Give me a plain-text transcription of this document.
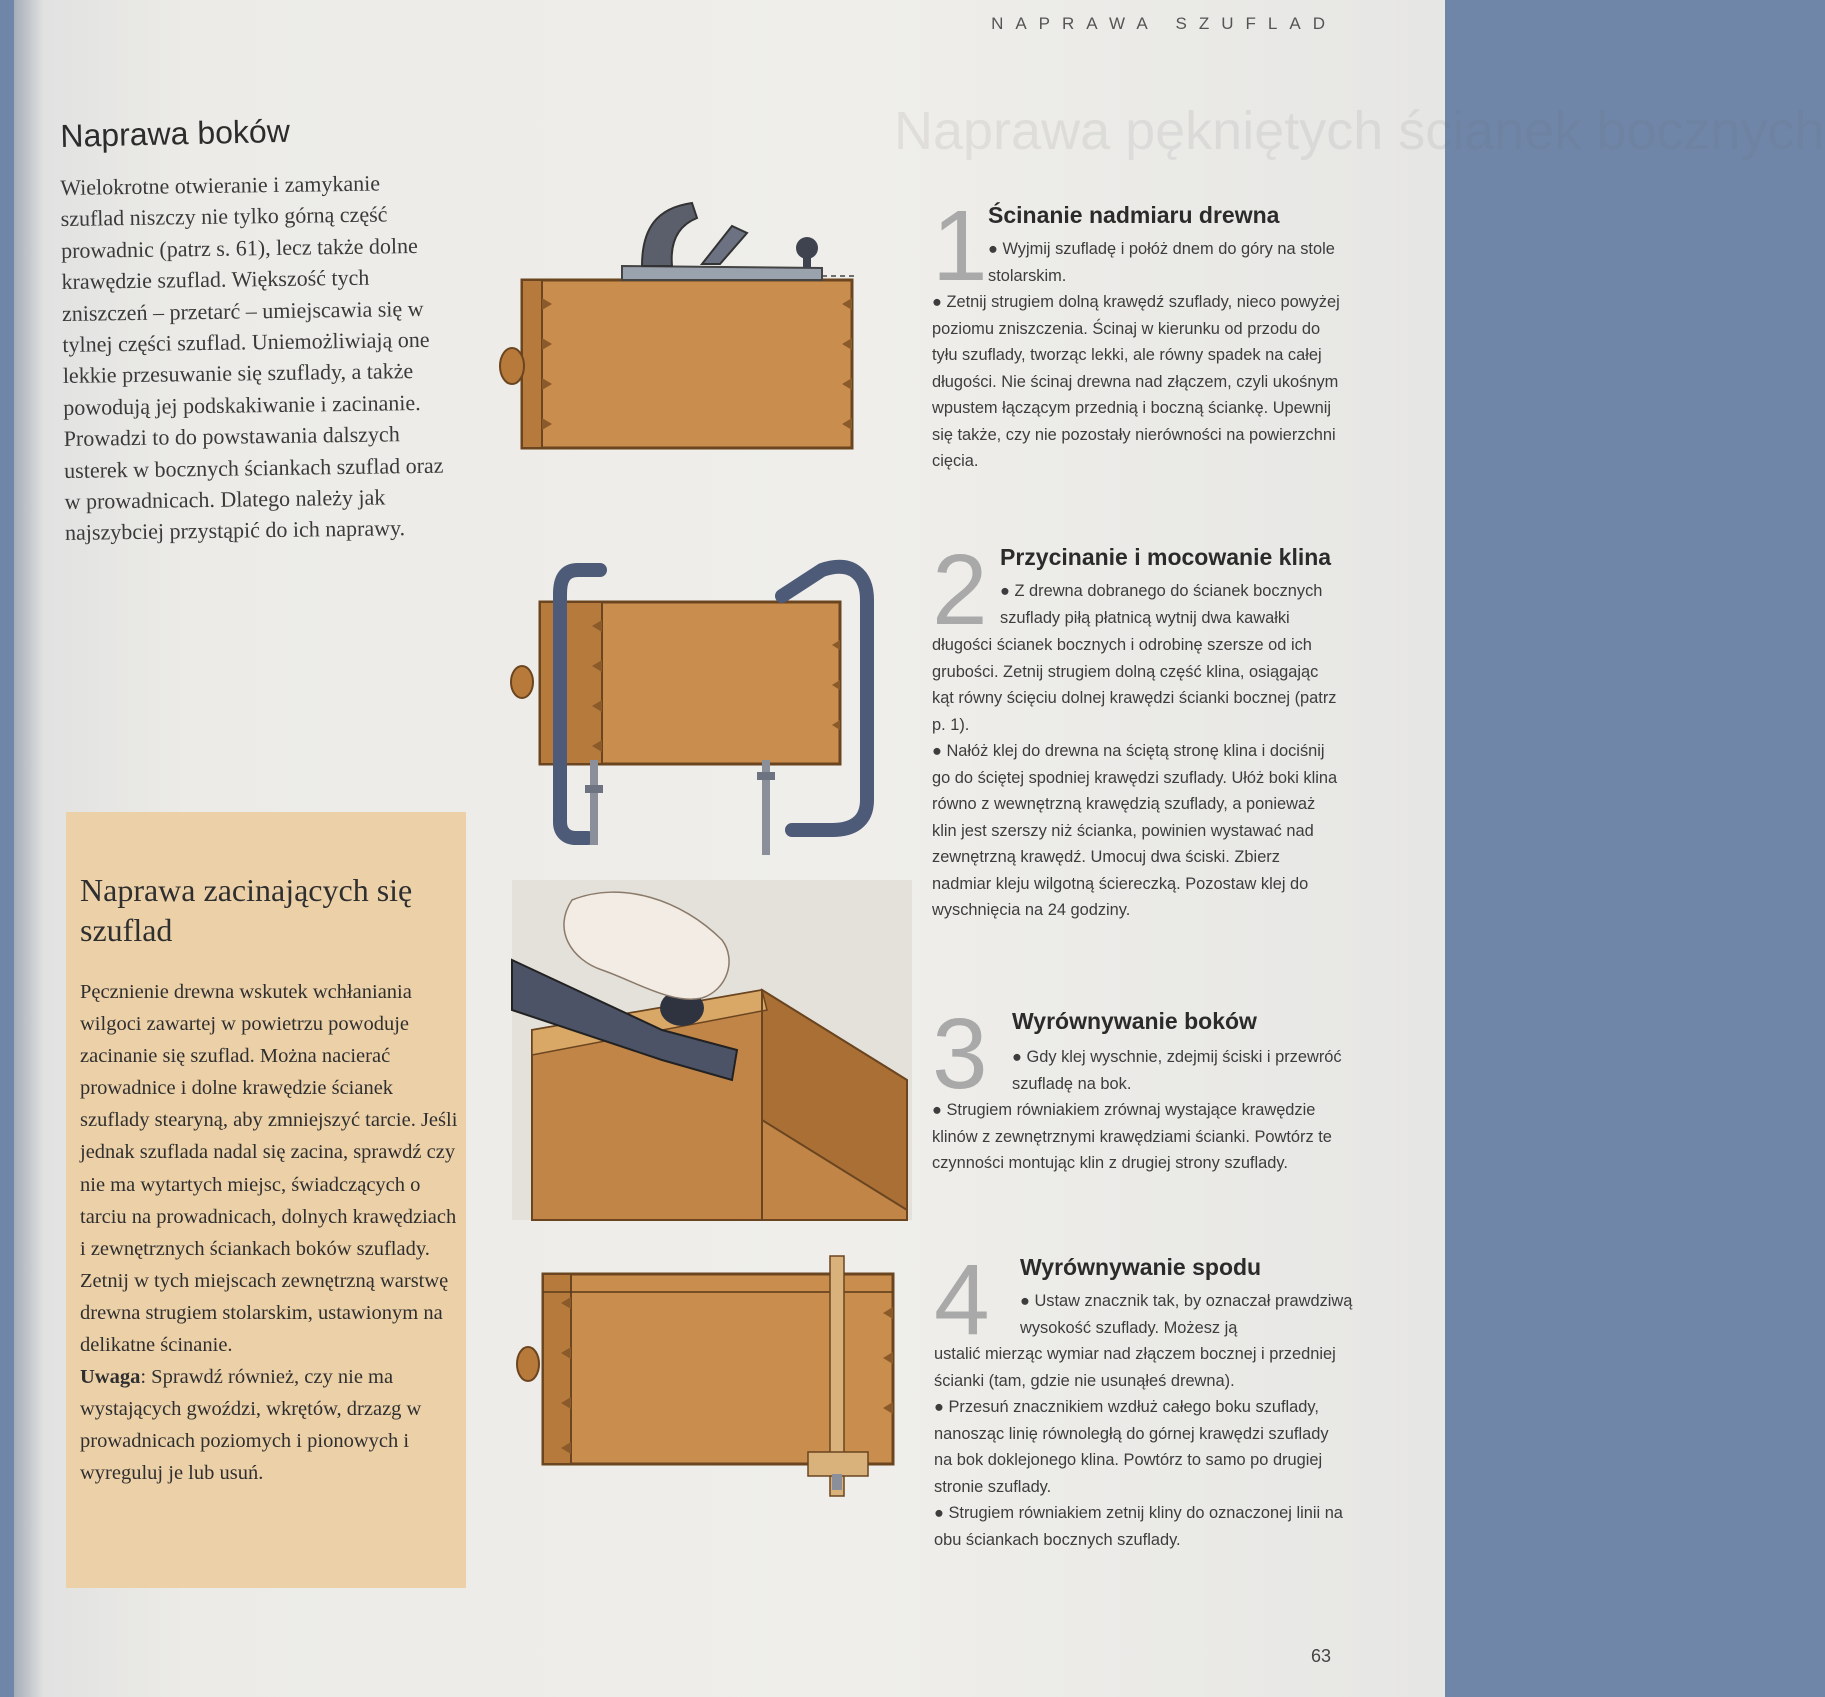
NAPRAWA SZUFLAD
Naprawa pękniętych ścianek bocznych
Naprawa boków

Wielokrotne otwieranie i zamykanie szuflad niszczy nie tylko górną część prowadnic (patrz s. 61), lecz także dolne krawędzie szuflad. Większość tych zniszczeń – przetarć – umiejscawia się w tylnej części szuflad. Uniemożliwiają one lekkie przesuwanie się szuflady, a także powodują jej podskakiwanie i zacinanie. Prowadzi to do powstawania dalszych usterek w bocznych ściankach szuflad oraz w prowadnicach. Dlatego należy jak najszybciej przystąpić do ich naprawy.

Naprawa zacinających się szuflad

Pęcznienie drewna wskutek wchłaniania wilgoci zawartej w powietrzu powoduje zacinanie się szuflad. Można nacierać prowadnice i dolne krawędzie ścianek szuflady stearyną, aby zmniejszyć tarcie. Jeśli jednak szuflada nadal się zacina, sprawdź czy nie ma wytartych miejsc, świadczących o tarciu na prowadnicach, dolnych krawędziach i zewnętrznych ściankach boków szuflady. Zetnij w tych miejscach zewnętrzną warstwę drewna strugiem stolarskim, ustawionym na delikatne ścinanie.
Uwaga: Sprawdź również, czy nie ma wystających gwoździ, wkrętów, drzazg w prowadnicach poziomych i pionowych i wyreguluj je lub usuń.

1 Ścinanie nadmiaru drewna

● Wyjmij szufladę i połóż dnem do góry na stole stolarskim.

● Zetnij strugiem dolną krawędź szuflady, nieco powyżej poziomu zniszczenia. Ścinaj w kierunku od przodu do tyłu szuflady, tworząc lekki, ale równy spadek na całej długości. Nie ścinaj drewna nad złączem, czyli ukośnym wpustem łączącym przednią i boczną ściankę. Upewnij się także, czy nie pozostały nierówności na powierzchni cięcia.

2 Przycinanie i mocowanie klina

● Z drewna dobranego do ścianek bocznych szuflady piłą płatnicą wytnij dwa kawałki

długości ścianek bocznych i odrobinę szersze od ich grubości. Zetnij strugiem dolną część klina, osiągając kąt równy ścięciu dolnej krawędzi ścianki bocznej (patrz p. 1).
● Nałóż klej do drewna na ściętą stronę klina i dociśnij go do ściętej spodniej krawędzi szuflady. Ułóż boki klina równo z wewnętrzną krawędzią szuflady, a ponieważ klin jest szerszy niż ścianka, powinien wystawać nad zewnętrzną krawędź. Umocuj dwa ściski. Zbierz nadmiar kleju wilgotną ściereczką. Pozostaw klej do wyschnięcia na 24 godziny.

3 Wyrównywanie boków

● Gdy klej wyschnie, zdejmij ściski i przewróć szufladę na bok.

● Strugiem równiakiem zrównaj wystające krawędzie klinów z zewnętrznymi krawędziami ścianki. Powtórz te czynności montując klin z drugiej strony szuflady.

4 Wyrównywanie spodu

● Ustaw znacznik tak, by oznaczał prawdziwą wysokość szuflady. Możesz ją

ustalić mierząc wymiar nad złączem bocznej i przedniej ścianki (tam, gdzie nie usunąłeś drewna).
● Przesuń znacznikiem wzdłuż całego boku szuflady, nanosząc linię równoległą do górnej krawędzi szuflady na bok doklejonego klina. Powtórz to samo po drugiej stronie szuflady.
● Strugiem równiakiem zetnij kliny do oznaczonej linii na obu ściankach bocznych szuflady.

63
